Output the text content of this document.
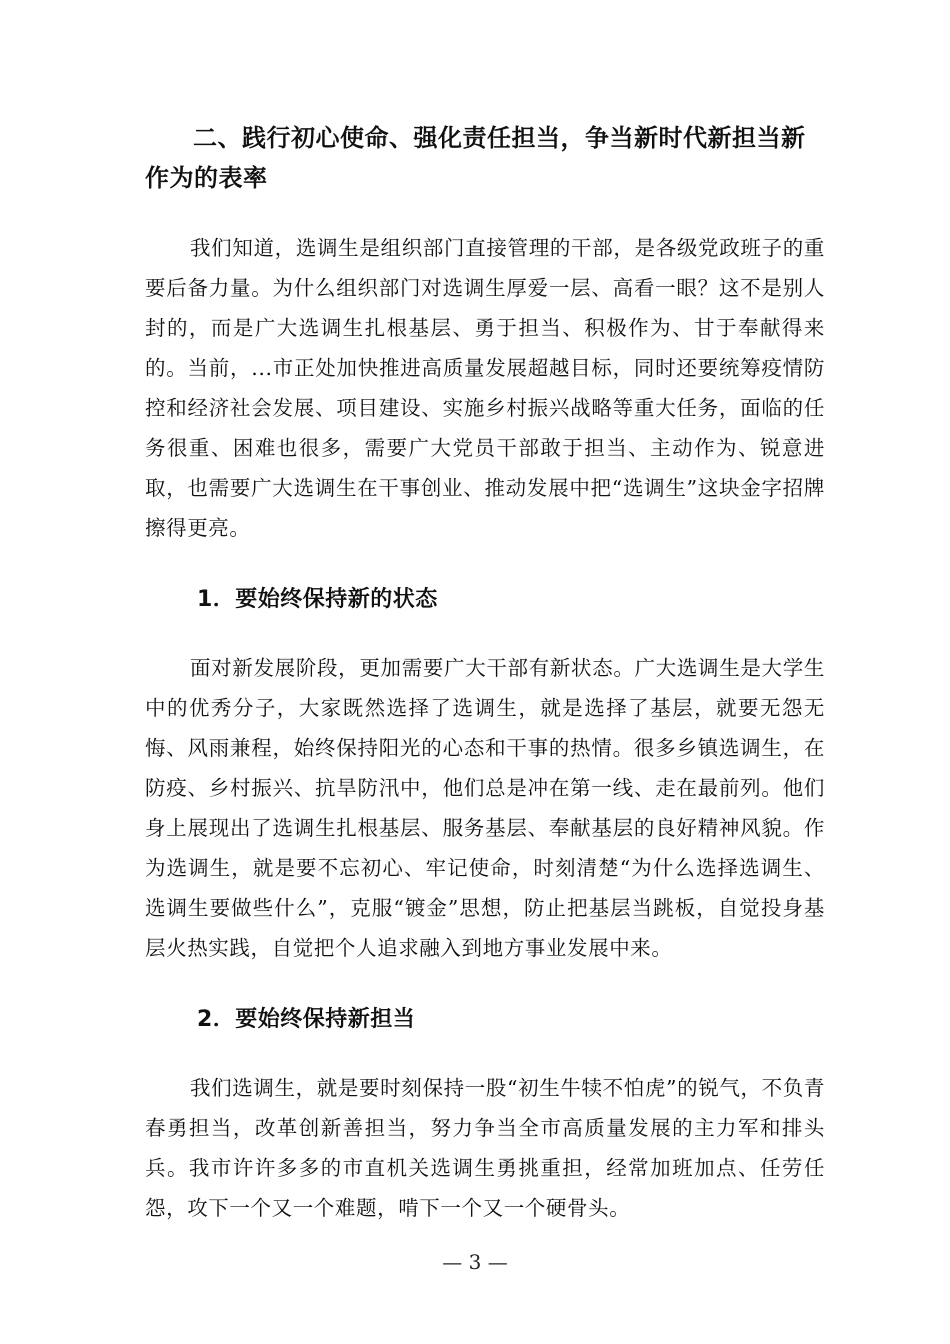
二、践行初心使命、强化责任担当，争当新时代新担当新作为的表率

我们知道，选调生是组织部门直接管理的干部，是各级党政班子的重要后备力量。为什么组织部门对选调生厚爱一层、高看一眼？这不是别人封的，而是广大选调生扎根基层、勇于担当、积极作为、甘于奉献得来的。当前，...市正处加快推进高质量发展超越目标，同时还要统筹疫情防控和经济社会发展、项目建设、实施乡村振兴战略等重大任务，面临的任务很重、困难也很多，需要广大党员干部敢于担当、主动作为、锐意进取，也需要广大选调生在干事创业、推动发展中把“选调生”这块金字招牌擦得更亮。

1．要始终保持新的状态

面对新发展阶段，更加需要广大干部有新状态。广大选调生是大学生中的优秀分子，大家既然选择了选调生，就是选择了基层，就要无怨无悔、风雨兼程，始终保持阳光的心态和干事的热情。很多乡镇选调生，在防疫、乡村振兴、抗旱防汛中，他们总是冲在第一线、走在最前列。他们身上展现出了选调生扎根基层、服务基层、奉献基层的良好精神风貌。作为选调生，就是要不忘初心、牢记使命，时刻清楚“为什么选择选调生、选调生要做些什么”，克服“镀金”思想，防止把基层当跳板，自觉投身基层火热实践，自觉把个人追求融入到地方事业发展中来。

2．要始终保持新担当

我们选调生，就是要时刻保持一股“初生牛犊不怕虎”的锐气，不负青春勇担当，改革创新善担当，努力争当全市高质量发展的主力军和排头兵。我市许许多多的市直机关选调生勇挑重担，经常加班加点、任劳任怨，攻下一个又一个难题，啃下一个又一个硬骨头。

— 3 —
